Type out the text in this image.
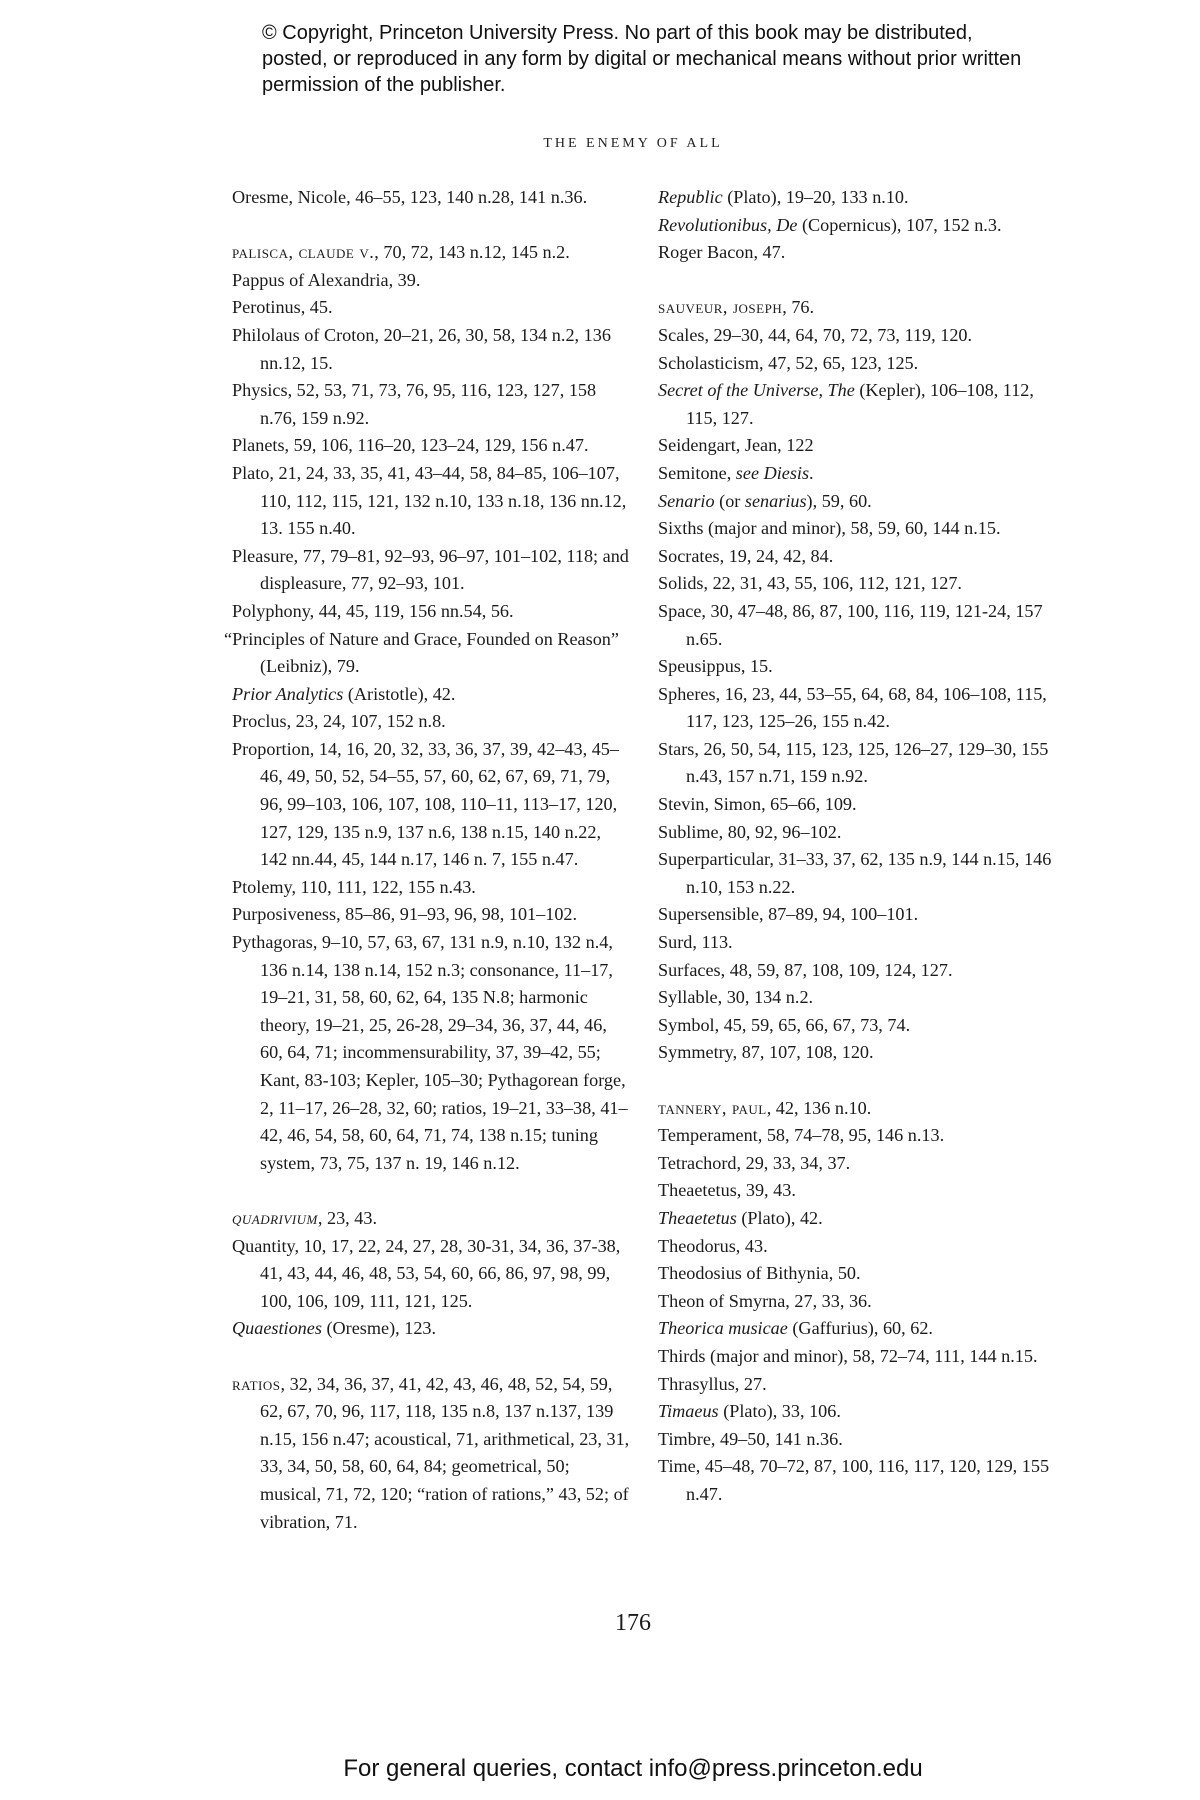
© Copyright, Princeton University Press. No part of this book may be distributed, posted, or reproduced in any form by digital or mechanical means without prior written permission of the publisher.
THE ENEMY OF ALL

Oresme, Nicole, 46–55, 123, 140 n.28, 141 n.36.

palisca, claude v., 70, 72, 143 n.12, 145 n.2.

Pappus of Alexandria, 39.

Perotinus, 45.

Philolaus of Croton, 20–21, 26, 30, 58, 134 n.2, 136 nn.12, 15.

Physics, 52, 53, 71, 73, 76, 95, 116, 123, 127, 158 n.76, 159 n.92.

Planets, 59, 106, 116–20, 123–24, 129, 156 n.47.

Plato, 21, 24, 33, 35, 41, 43–44, 58, 84–85, 106–107, 110, 112, 115, 121, 132 n.10, 133 n.18, 136 nn.12, 13. 155 n.40.

Pleasure, 77, 79–81, 92–93, 96–97, 101–102, 118; and displeasure, 77, 92–93, 101.

Polyphony, 44, 45, 119, 156 nn.54, 56.

“Principles of Nature and Grace, Founded on Reason” (Leibniz), 79.

Prior Analytics (Aristotle), 42.

Proclus, 23, 24, 107, 152 n.8.

Proportion, 14, 16, 20, 32, 33, 36, 37, 39, 42–43, 45–46, 49, 50, 52, 54–55, 57, 60, 62, 67, 69, 71, 79, 96, 99–103, 106, 107, 108, 110–11, 113–17, 120, 127, 129, 135 n.9, 137 n.6, 138 n.15, 140 n.22, 142 nn.44, 45, 144 n.17, 146 n. 7, 155 n.47.

Ptolemy, 110, 111, 122, 155 n.43.

Purposiveness, 85–86, 91–93, 96, 98, 101–102.

Pythagoras, 9–10, 57, 63, 67, 131 n.9, n.10, 132 n.4, 136 n.14, 138 n.14, 152 n.3; consonance, 11–17, 19–21, 31, 58, 60, 62, 64, 135 N.8; harmonic theory, 19–21, 25, 26-28, 29–34, 36, 37, 44, 46, 60, 64, 71; incommensurability, 37, 39–42, 55; Kant, 83-103; Kepler, 105–30; Pythagorean forge, 2, 11–17, 26–28, 32, 60; ratios, 19–21, 33–38, 41–42, 46, 54, 58, 60, 64, 71, 74, 138 n.15; tuning system, 73, 75, 137 n. 19, 146 n.12.

quadrivium, 23, 43.

Quantity, 10, 17, 22, 24, 27, 28, 30-31, 34, 36, 37-38, 41, 43, 44, 46, 48, 53, 54, 60, 66, 86, 97, 98, 99, 100, 106, 109, 111, 121, 125.

Quaestiones (Oresme), 123.

ratios, 32, 34, 36, 37, 41, 42, 43, 46, 48, 52, 54, 59, 62, 67, 70, 96, 117, 118, 135 n.8, 137 n.137, 139 n.15, 156 n.47; acoustical, 71, arithmetical, 23, 31, 33, 34, 50, 58, 60, 64, 84; geometrical, 50; musical, 71, 72, 120; “ration of rations,” 43, 52; of vibration, 71.

Republic (Plato), 19–20, 133 n.10.

Revolutionibus, De (Copernicus), 107, 152 n.3.

Roger Bacon, 47.

sauveur, joseph, 76.

Scales, 29–30, 44, 64, 70, 72, 73, 119, 120.

Scholasticism, 47, 52, 65, 123, 125.

Secret of the Universe, The (Kepler), 106–108, 112, 115, 127.

Seidengart, Jean, 122

Semitone, see Diesis.

Senario (or senarius), 59, 60.

Sixths (major and minor), 58, 59, 60, 144 n.15.

Socrates, 19, 24, 42, 84.

Solids, 22, 31, 43, 55, 106, 112, 121, 127.

Space, 30, 47–48, 86, 87, 100, 116, 119, 121-24, 157 n.65.

Speusippus, 15.

Spheres, 16, 23, 44, 53–55, 64, 68, 84, 106–108, 115, 117, 123, 125–26, 155 n.42.

Stars, 26, 50, 54, 115, 123, 125, 126–27, 129–30, 155 n.43, 157 n.71, 159 n.92.

Stevin, Simon, 65–66, 109.

Sublime, 80, 92, 96–102.

Superparticular, 31–33, 37, 62, 135 n.9, 144 n.15, 146 n.10, 153 n.22.

Supersensible, 87–89, 94, 100–101.

Surd, 113.

Surfaces, 48, 59, 87, 108, 109, 124, 127.

Syllable, 30, 134 n.2.

Symbol, 45, 59, 65, 66, 67, 73, 74.

Symmetry, 87, 107, 108, 120.

tannery, paul, 42, 136 n.10.

Temperament, 58, 74–78, 95, 146 n.13.

Tetrachord, 29, 33, 34, 37.

Theaetetus, 39, 43.

Theaetetus (Plato), 42.

Theodorus, 43.

Theodosius of Bithynia, 50.

Theon of Smyrna, 27, 33, 36.

Theorica musicae (Gaffurius), 60, 62.

Thirds (major and minor), 58, 72–74, 111, 144 n.15.

Thrasyllus, 27.

Timaeus (Plato), 33, 106.

Timbre, 49–50, 141 n.36.

Time, 45–48, 70–72, 87, 100, 116, 117, 120, 129, 155 n.47.

176
For general queries, contact info@press.princeton.edu
